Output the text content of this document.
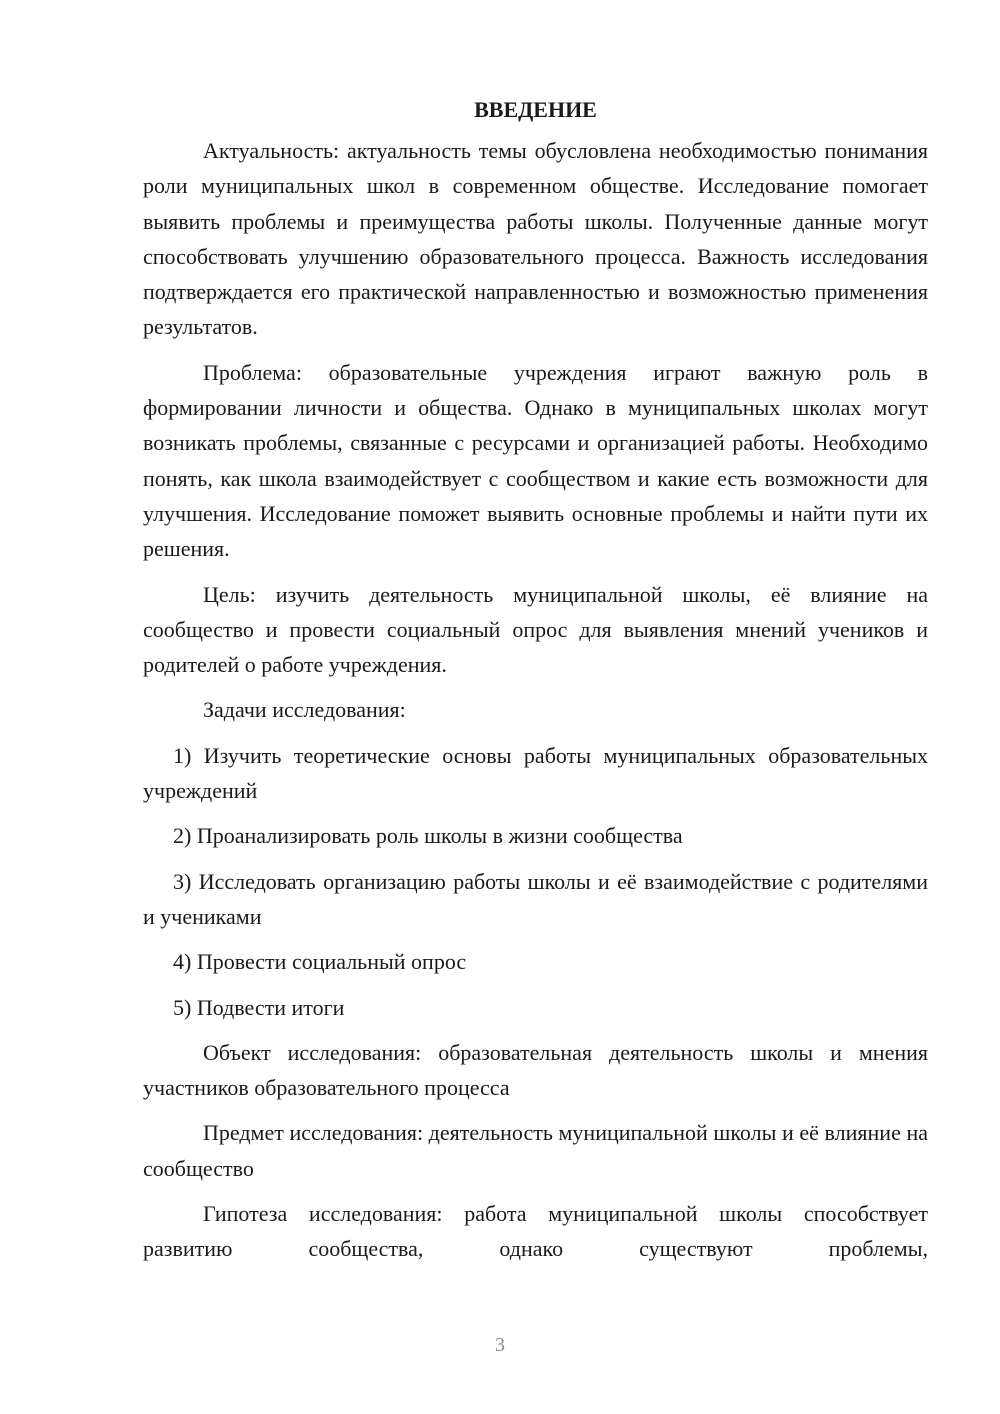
ВВЕДЕНИЕ

Актуальность: актуальность темы обусловлена необходимостью понимания роли муниципальных школ в современном обществе. Исследование помогает выявить проблемы и преимущества работы школы. Полученные данные могут способствовать улучшению образовательного процесса. Важность исследования подтверждается его практической направленностью и возможностью применения результатов.

Проблема: образовательные учреждения играют важную роль в формировании личности и общества. Однако в муниципальных школах могут возникать проблемы, связанные с ресурсами и организацией работы. Необходимо понять, как школа взаимодействует с сообществом и какие есть возможности для улучшения. Исследование поможет выявить основные проблемы и найти пути их решения.

Цель: изучить деятельность муниципальной школы, её влияние на сообщество и провести социальный опрос для выявления мнений учеников и родителей о работе учреждения.

Задачи исследования:

1) Изучить теоретические основы работы муниципальных образовательных учреждений

2) Проанализировать роль школы в жизни сообщества

3) Исследовать организацию работы школы и её взаимодействие с родителями и учениками

4) Провести социальный опрос

5) Подвести итоги

Объект исследования: образовательная деятельность школы и мнения участников образовательного процесса

Предмет исследования: деятельность муниципальной школы и её влияние на сообщество

Гипотеза исследования: работа муниципальной школы способствует развитию сообщества, однако существуют проблемы,

3
